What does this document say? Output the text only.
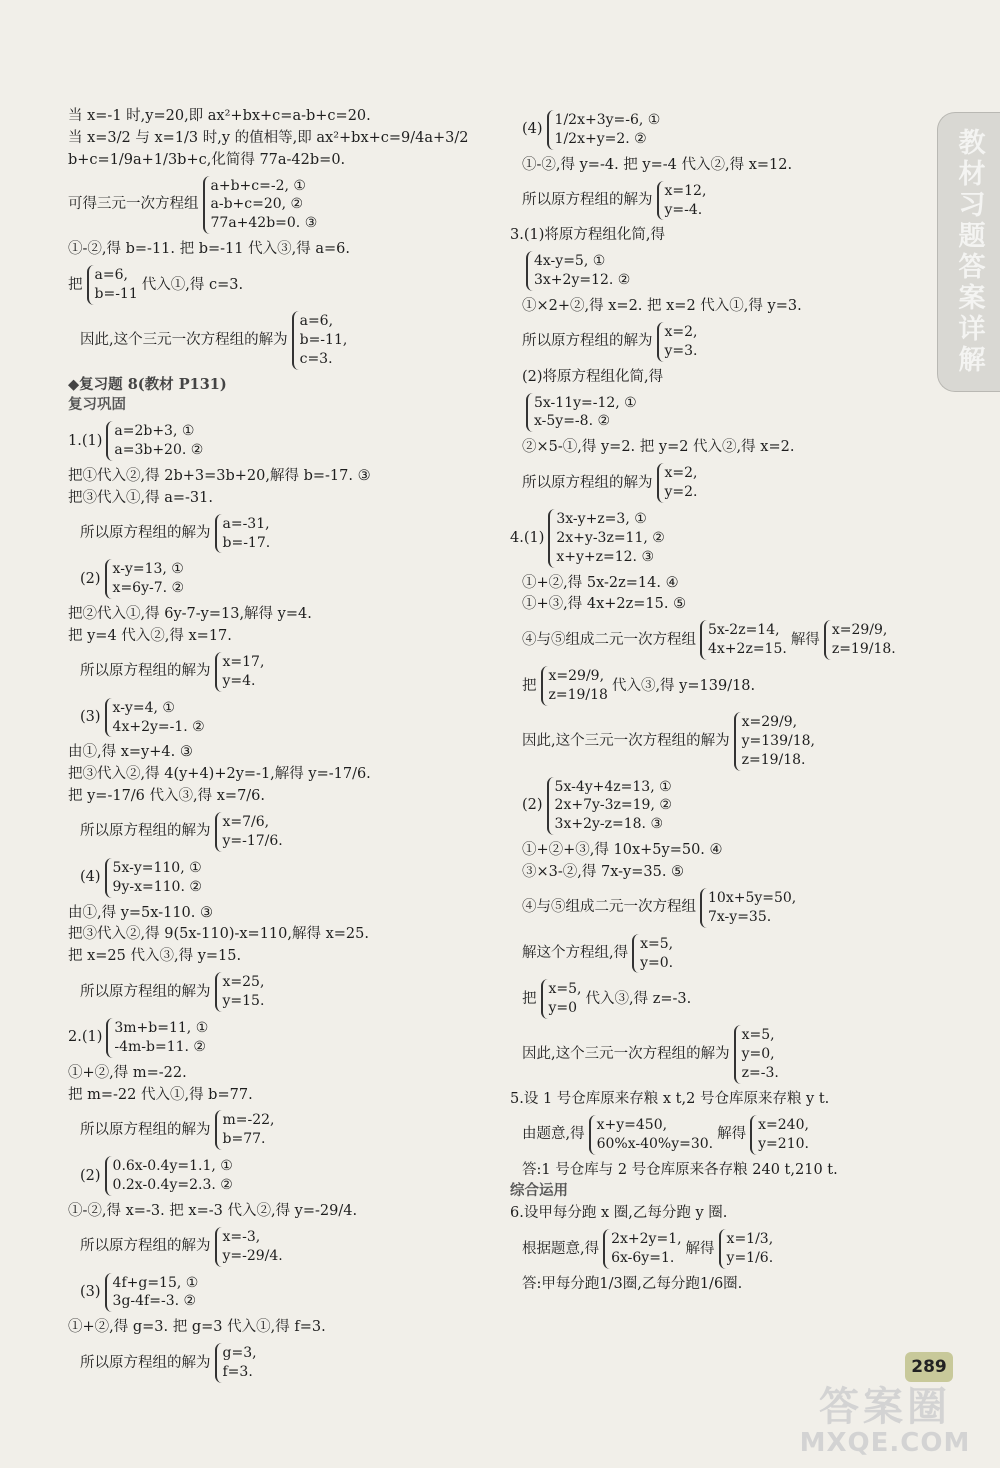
教材习题答案详解
当 x=-1 时,y=20,即 ax²+bx+c=a-b+c=20.
当 x=3/2 与 x=1/3 时,y 的值相等,即 ax²+bx+c=9/4a+3/2
b+c=1/9a+1/3b+c,化简得 77a-42b=0.
可得三元一次方程组
a+b+c=-2, ①
a-b+c=20, ②
77a+42b=0. ③
①-②,得 b=-11. 把 b=-11 代入③,得 a=6.
把
a=6,
b=-11
代入①,得 c=3.
因此,这个三元一次方程组的解为
a=6,
b=-11,
c=3.
◆复习题 8(教材 P131)
复习巩固
1.(1)
a=2b+3, ①
a=3b+20. ②
把①代入②,得 2b+3=3b+20,解得 b=-17. ③
把③代入①,得 a=-31.
所以原方程组的解为
a=-31,
b=-17.
(2)
x-y=13, ①
x=6y-7. ②
把②代入①,得 6y-7-y=13,解得 y=4.
把 y=4 代入②,得 x=17.
所以原方程组的解为
x=17,
y=4.
(3)
x-y=4, ①
4x+2y=-1. ②
由①,得 x=y+4. ③
把③代入②,得 4(y+4)+2y=-1,解得 y=-17/6.
把 y=-17/6 代入③,得 x=7/6.
所以原方程组的解为
x=7/6,
y=-17/6.
(4)
5x-y=110, ①
9y-x=110. ②
由①,得 y=5x-110. ③
把③代入②,得 9(5x-110)-x=110,解得 x=25.
把 x=25 代入③,得 y=15.
所以原方程组的解为
x=25,
y=15.
2.(1)
3m+b=11, ①
-4m-b=11. ②
①+②,得 m=-22.
把 m=-22 代入①,得 b=77.
所以原方程组的解为
m=-22,
b=77.
(2)
0.6x-0.4y=1.1, ①
0.2x-0.4y=2.3. ②
①-②,得 x=-3. 把 x=-3 代入②,得 y=-29/4.
所以原方程组的解为
x=-3,
y=-29/4.
(3)
4f+g=15, ①
3g-4f=-3. ②
①+②,得 g=3. 把 g=3 代入①,得 f=3.
所以原方程组的解为
g=3,
f=3.
(4)
1/2x+3y=-6, ①
1/2x+y=2. ②
①-②,得 y=-4. 把 y=-4 代入②,得 x=12.
所以原方程组的解为
x=12,
y=-4.
3.(1)将原方程组化简,得
4x-y=5, ①
3x+2y=12. ②
①×2+②,得 x=2. 把 x=2 代入①,得 y=3.
所以原方程组的解为
x=2,
y=3.
(2)将原方程组化简,得
5x-11y=-12, ①
x-5y=-8. ②
②×5-①,得 y=2. 把 y=2 代入②,得 x=2.
所以原方程组的解为
x=2,
y=2.
4.(1)
3x-y+z=3, ①
2x+y-3z=11, ②
x+y+z=12. ③
①+②,得 5x-2z=14. ④
①+③,得 4x+2z=15. ⑤
④与⑤组成二元一次方程组
5x-2z=14,
4x+2z=15.
解得
x=29/9,
z=19/18.
把
x=29/9,
z=19/18
代入③,得 y=139/18.
因此,这个三元一次方程组的解为
x=29/9,
y=139/18,
z=19/18.
(2)
5x-4y+4z=13, ①
2x+7y-3z=19, ②
3x+2y-z=18. ③
①+②+③,得 10x+5y=50. ④
③×3-②,得 7x-y=35. ⑤
④与⑤组成二元一次方程组
10x+5y=50,
7x-y=35.
解这个方程组,得
x=5,
y=0.
把
x=5,
y=0
代入③,得 z=-3.
因此,这个三元一次方程组的解为
x=5,
y=0,
z=-3.
5.设 1 号仓库原来存粮 x t,2 号仓库原来存粮 y t.
由题意,得
x+y=450,
60%x-40%y=30.
解得
x=240,
y=210.
答:1 号仓库与 2 号仓库原来各存粮 240 t,210 t.
综合运用
6.设甲每分跑 x 圈,乙每分跑 y 圈.
根据题意,得
2x+2y=1,
6x-6y=1.
解得
x=1/3,
y=1/6.
答:甲每分跑1/3圈,乙每分跑1/6圈.
289
答案圈
MXQE.COM
